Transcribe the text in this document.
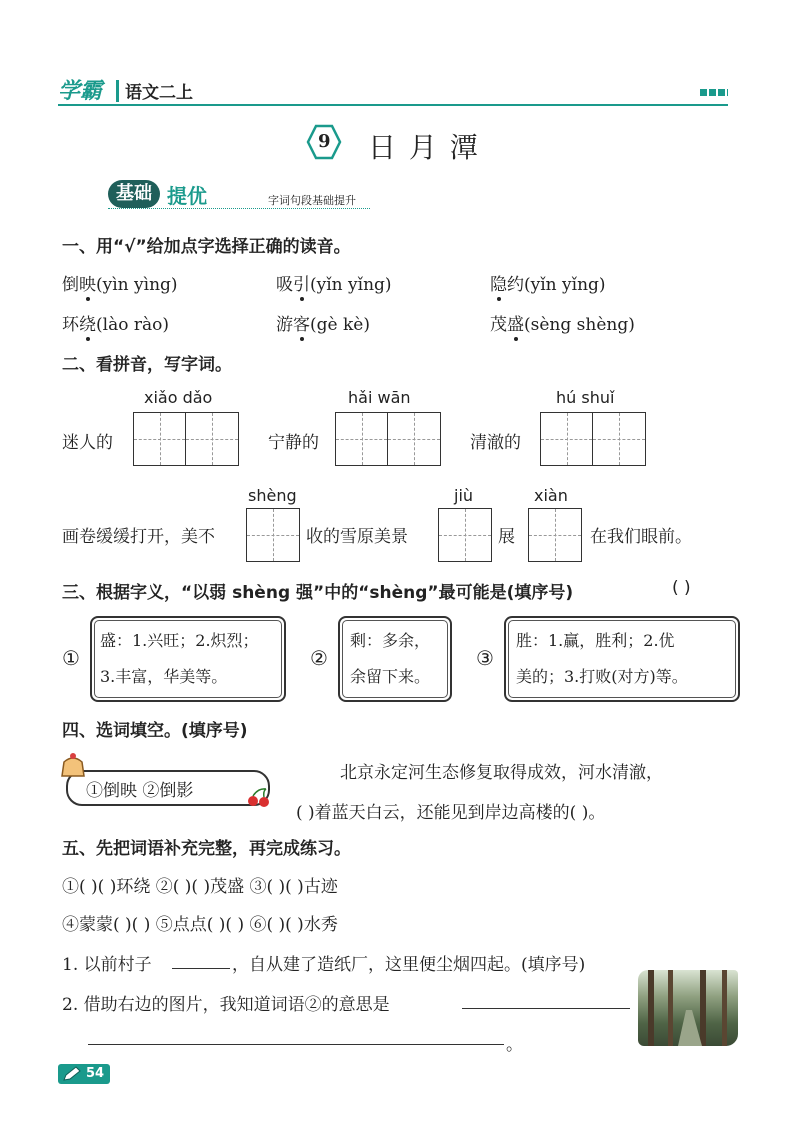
学霸 语文二上
9 日 月 潭
基础 提优	字词句段基础提升
一、用“√”给加点字选择正确的读音。
倒映(yìn yìng)	吸引(yǐn yǐng)	隐约(yǐn yǐng)
环绕(lào rào)	游客(gè kè)	茂盛(sèng shèng)
二、看拼音，写字词。
xiǎo dǎo
迷人的
hǎi wān
宁静的
hú shuǐ
清澈的
画卷缓缓打开，美不
shèng
收的雪原美景
jiù
展
xiàn
在我们眼前。
三、根据字义，“以弱 shèng 强”中的“shèng”最可能是(填序号)	( )
①
盛：1.兴旺；2.炽烈；
3.丰富，华美等。
②
剩：多余，
余留下来。
③
胜：1.赢，胜利；2.优
美的；3.打败(对方)等。
四、选词填空。(填序号)
①倒映 ②倒影
北京永定河生态修复取得成效，河水清澈，
( )着蓝天白云，还能见到岸边高楼的( )。
五、先把词语补充完整，再完成练习。
①( )( )环绕 ②( )( )茂盛 ③( )( )古迹
④蒙蒙( )( ) ⑤点点( )( ) ⑥( )( )水秀
1. 以前村子	，自从建了造纸厂，这里便尘烟四起。(填序号)
2. 借助右边的图片，我知道词语②的意思是
。
54
